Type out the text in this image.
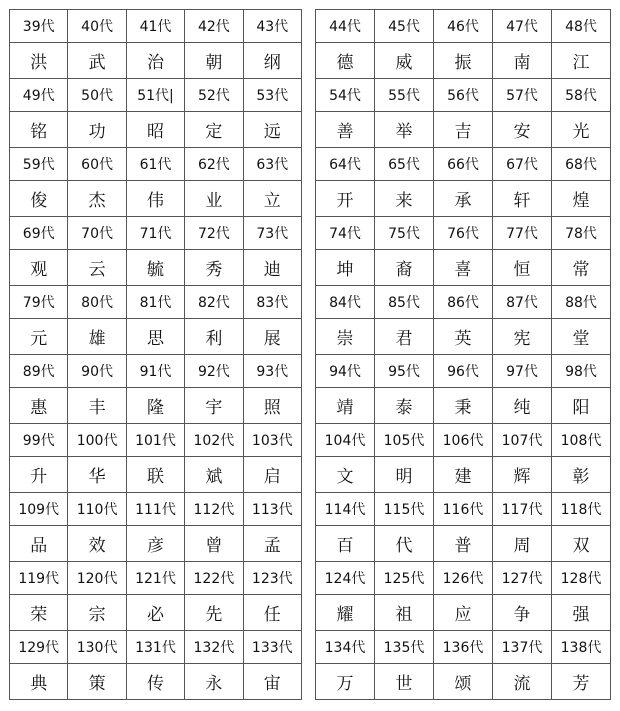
39代	40代	41代	42代	43代
洪	武	治	朝	纲
49代	50代	51代|	52代	53代
铭	功	昭	定	远
59代	60代	61代	62代	63代
俊	杰	伟	业	立
69代	70代	71代	72代	73代
观	云	毓	秀	迪
79代	80代	81代	82代	83代
元	雄	思	利	展
89代	90代	91代	92代	93代
惠	丰	隆	宇	照
99代	100代	101代	102代	103代
升	华	联	斌	启
109代	110代	111代	112代	113代
品	效	彦	曾	孟
119代	120代	121代	122代	123代
荣	宗	必	先	任
129代	130代	131代	132代	133代
典	策	传	永	宙
44代	45代	46代	47代	48代
德	威	振	南	江
54代	55代	56代	57代	58代
善	举	吉	安	光
64代	65代	66代	67代	68代
开	来	承	轩	煌
74代	75代	76代	77代	78代
坤	裔	喜	恒	常
84代	85代	86代	87代	88代
崇	君	英	宪	堂
94代	95代	96代	97代	98代
靖	泰	秉	纯	阳
104代	105代	106代	107代	108代
文	明	建	辉	彰
114代	115代	116代	117代	118代
百	代	普	周	双
124代	125代	126代	127代	128代
耀	祖	应	争	强
134代	135代	136代	137代	138代
万	世	颂	流	芳
